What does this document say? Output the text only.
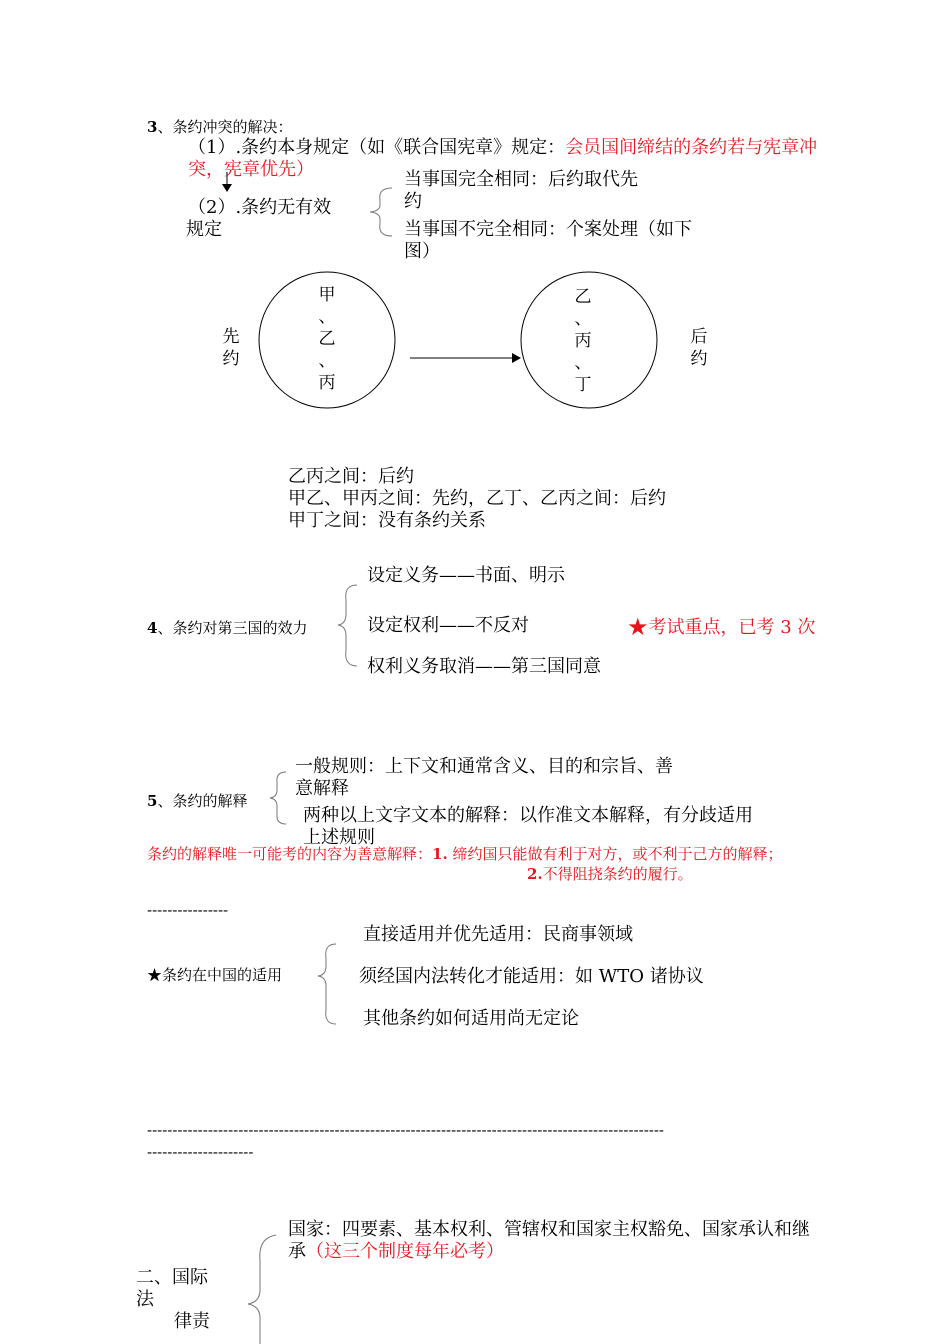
3、条约冲突的解决：
（1）.条约本身规定（如《联合国宪章》规定：会员国间缔结的条约若与宪章冲
突，宪章优先）
（2）.条约无有效
规定
当事国完全相同：后约取代先
约
当事国不完全相同：个案处理（如下
图）
先
约
甲
、
乙
、
丙
乙
、
丙
、
丁
后
约
乙丙之间：后约
甲乙、甲丙之间：先约，乙丁、乙丙之间：后约
甲丁之间：没有条约关系
4、条约对第三国的效力
设定义务——书面、明示
设定权利——不反对
权利义务取消——第三国同意
★考试重点，已考 3 次
5、条约的解释
一般规则：上下文和通常含义、目的和宗旨、善
意解释
两种以上文字文本的解释：以作准文本解释，有分歧适用
上述规则
条约的解释唯一可能考的内容为善意解释：1. 缔约国只能做有利于对方，或不利于己方的解释；
2.不得阻挠条约的履行。
----------------
★条约在中国的适用
直接适用并优先适用：民商事领域
须经国内法转化才能适用：如 WTO 诸协议
其他条约如何适用尚无定论
------------------------------------------------------------------------------------------------------
---------------------
国家：四要素、基本权利、管辖权和国家主权豁免、国家承认和继
承（这三个制度每年必考）
二、国际
法
律责
